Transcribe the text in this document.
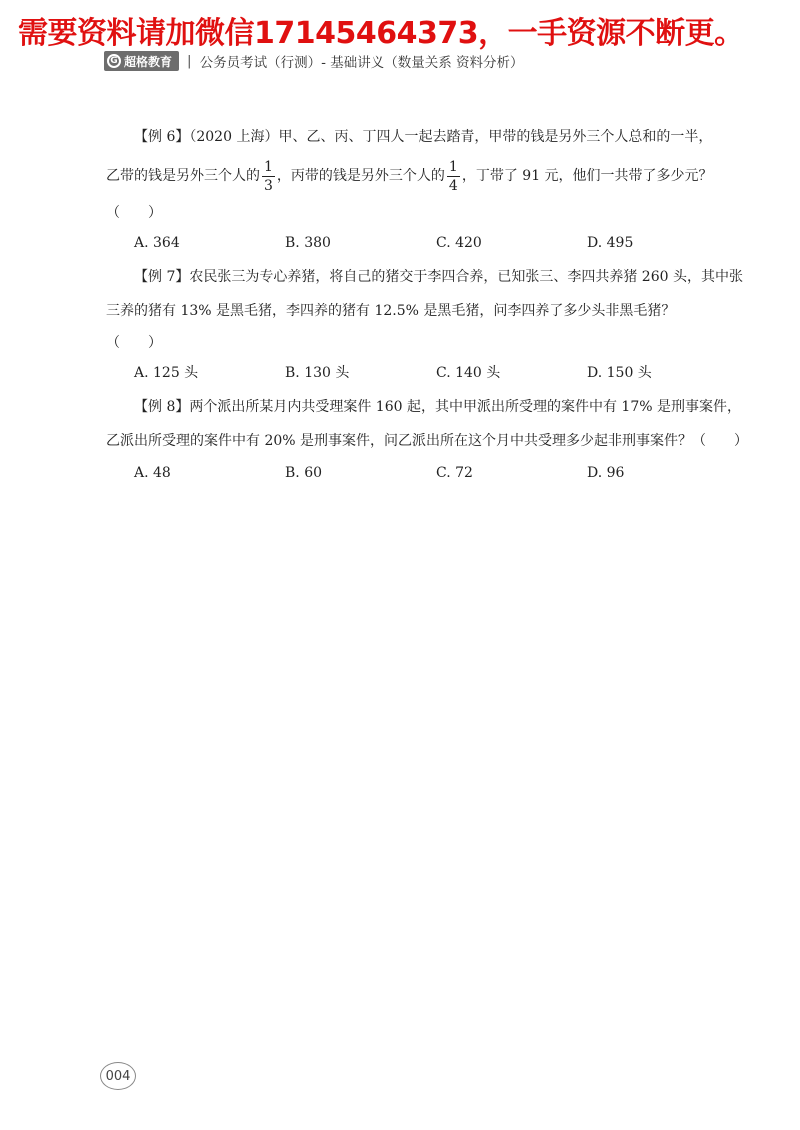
需要资料请加微信17145464373，一手资源不断更。
G 超格教育 | 公务员考试（行测）- 基础讲义（数量关系 资料分析）

【例 6】（2020 上海）甲、乙、丙、丁四人一起去踏青，甲带的钱是另外三个人总和的一半，

乙带的钱是另外三个人的 $\frac{1}{3}$ ，丙带的钱是另外三个人的 $\frac{1}{4}$ ，丁带了 91 元，他们一共带了多少元？

（　　）

A. 364	B. 380	C. 420	D. 495

【例 7】农民张三为专心养猪，将自己的猪交于李四合养，已知张三、李四共养猪 260 头，其中张三养的猪有 13% 是黑毛猪，李四养的猪有 12.5% 是黑毛猪，问李四养了多少头非黑毛猪？

（　　）

A. 125 头	B. 130 头	C. 140 头	D. 150 头

【例 8】两个派出所某月内共受理案件 160 起，其中甲派出所受理的案件中有 17% 是刑事案件，乙派出所受理的案件中有 20% 是刑事案件，问乙派出所在这个月中共受理多少起非刑事案件？（　　）

A. 48	B. 60	C. 72	D. 96
004
